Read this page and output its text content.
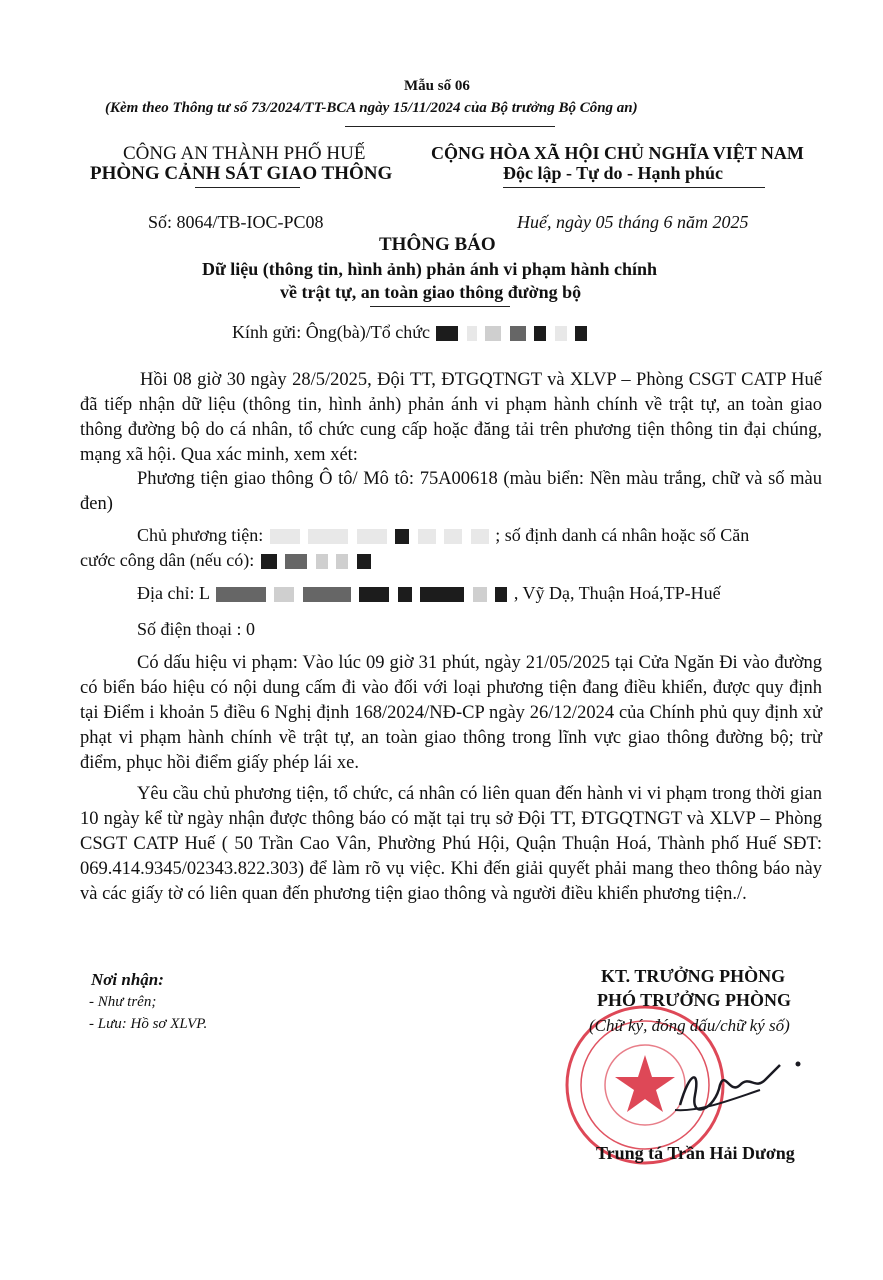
Mẫu số 06
(Kèm theo Thông tư số 73/2024/TT-BCA ngày 15/11/2024 của Bộ trưởng Bộ Công an)
CÔNG AN THÀNH PHỐ HUẾ
PHÒNG CẢNH SÁT GIAO THÔNG
CỘNG HÒA XÃ HỘI CHỦ NGHĨA VIỆT NAM
Độc lập - Tự do - Hạnh phúc
Số: 8064/TB-IOC-PC08	Huế, ngày 05 tháng 6 năm 2025
THÔNG BÁO
Dữ liệu (thông tin, hình ảnh) phản ánh vi phạm hành chính
về trật tự, an toàn giao thông đường bộ
Kính gửi: Ông(bà)/Tổ chức
Hồi 08 giờ 30 ngày 28/5/2025, Đội TT, ĐTGQTNGT và XLVP – Phòng CSGT CATP Huế đã tiếp nhận dữ liệu (thông tin, hình ảnh) phản ánh vi phạm hành chính về trật tự, an toàn giao thông đường bộ do cá nhân, tổ chức cung cấp hoặc đăng tải trên phương tiện thông tin đại chúng, mạng xã hội. Qua xác minh, xem xét:
Phương tiện giao thông Ô tô/ Mô tô: 75A00618 (màu biển: Nền màu trắng, chữ và số màu đen)
Chủ phương tiện:	; số định danh cá nhân hoặc số Căn
cước công dân (nếu có):
Địa chỉ: L	, Vỹ Dạ, Thuận Hoá,TP-Huế
Số điện thoại : 0
Có dấu hiệu vi phạm: Vào lúc 09 giờ 31 phút, ngày 21/05/2025 tại Cửa Ngăn Đi vào đường có biển báo hiệu có nội dung cấm đi vào đối với loại phương tiện đang điều khiển, được quy định tại Điểm i khoản 5 điều 6 Nghị định 168/2024/NĐ-CP ngày 26/12/2024 của Chính phủ quy định xử phạt vi phạm hành chính về trật tự, an toàn giao thông trong lĩnh vực giao thông đường bộ; trừ điểm, phục hồi điểm giấy phép lái xe.
Yêu cầu chủ phương tiện, tổ chức, cá nhân có liên quan đến hành vi vi phạm trong thời gian 10 ngày kể từ ngày nhận được thông báo có mặt tại trụ sở Đội TT, ĐTGQTNGT và XLVP – Phòng CSGT CATP Huế ( 50 Trần Cao Vân, Phường Phú Hội, Quận Thuận Hoá, Thành phố Huế SĐT: 069.414.9345/02343.822.303) để làm rõ vụ việc. Khi đến giải quyết phải mang theo thông báo này và các giấy tờ có liên quan đến phương tiện giao thông và người điều khiển phương tiện./.
Nơi nhận:
- Như trên;
- Lưu: Hồ sơ XLVP.
KT. TRƯỞNG PHÒNG
PHÓ TRƯỞNG PHÒNG
(Chữ ký, đóng dấu/chữ ký số)
Trung tá Trần Hải Dương
